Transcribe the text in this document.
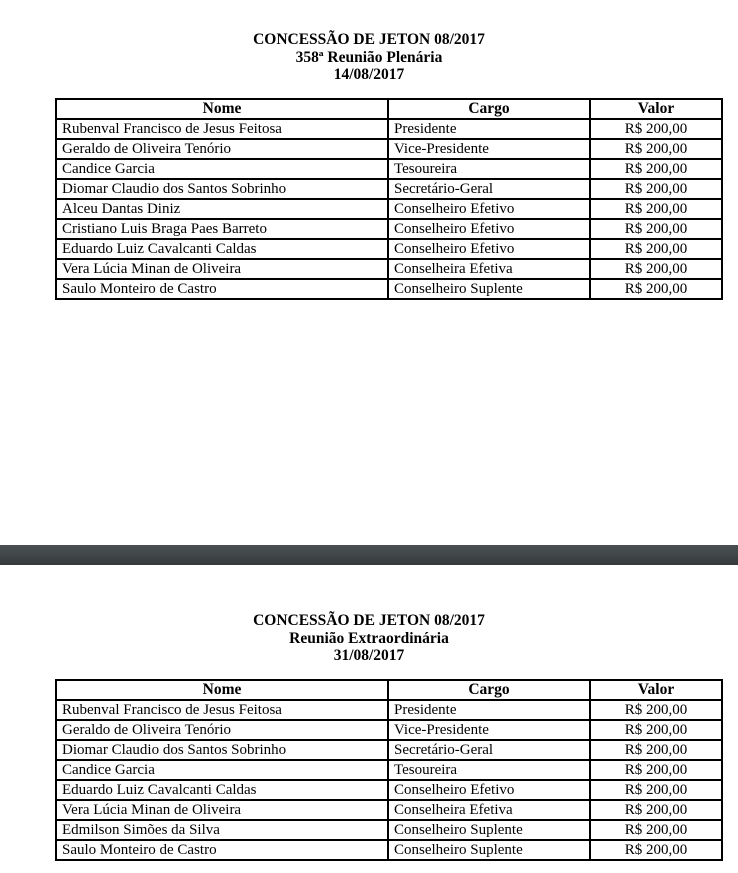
CONCESSÃO DE JETON 08/2017
358ª Reunião Plenária
14/08/2017
Nome	Cargo	Valor
Rubenval Francisco de Jesus Feitosa	Presidente	R$ 200,00
Geraldo de Oliveira Tenório	Vice-Presidente	R$ 200,00
Candice Garcia	Tesoureira	R$ 200,00
Diomar Claudio dos Santos Sobrinho	Secretário-Geral	R$ 200,00
Alceu Dantas Diniz	Conselheiro Efetivo	R$ 200,00
Cristiano Luis Braga Paes Barreto	Conselheiro Efetivo	R$ 200,00
Eduardo Luiz Cavalcanti Caldas	Conselheiro Efetivo	R$ 200,00
Vera Lúcia Minan de Oliveira	Conselheira Efetiva	R$ 200,00
Saulo Monteiro de Castro	Conselheiro Suplente	R$ 200,00
CONCESSÃO DE JETON 08/2017
Reunião Extraordinária
31/08/2017
Nome	Cargo	Valor
Rubenval Francisco de Jesus Feitosa	Presidente	R$ 200,00
Geraldo de Oliveira Tenório	Vice-Presidente	R$ 200,00
Diomar Claudio dos Santos Sobrinho	Secretário-Geral	R$ 200,00
Candice Garcia	Tesoureira	R$ 200,00
Eduardo Luiz Cavalcanti Caldas	Conselheiro Efetivo	R$ 200,00
Vera Lúcia Minan de Oliveira	Conselheira Efetiva	R$ 200,00
Edmilson Simões da Silva	Conselheiro Suplente	R$ 200,00
Saulo Monteiro de Castro	Conselheiro Suplente	R$ 200,00
